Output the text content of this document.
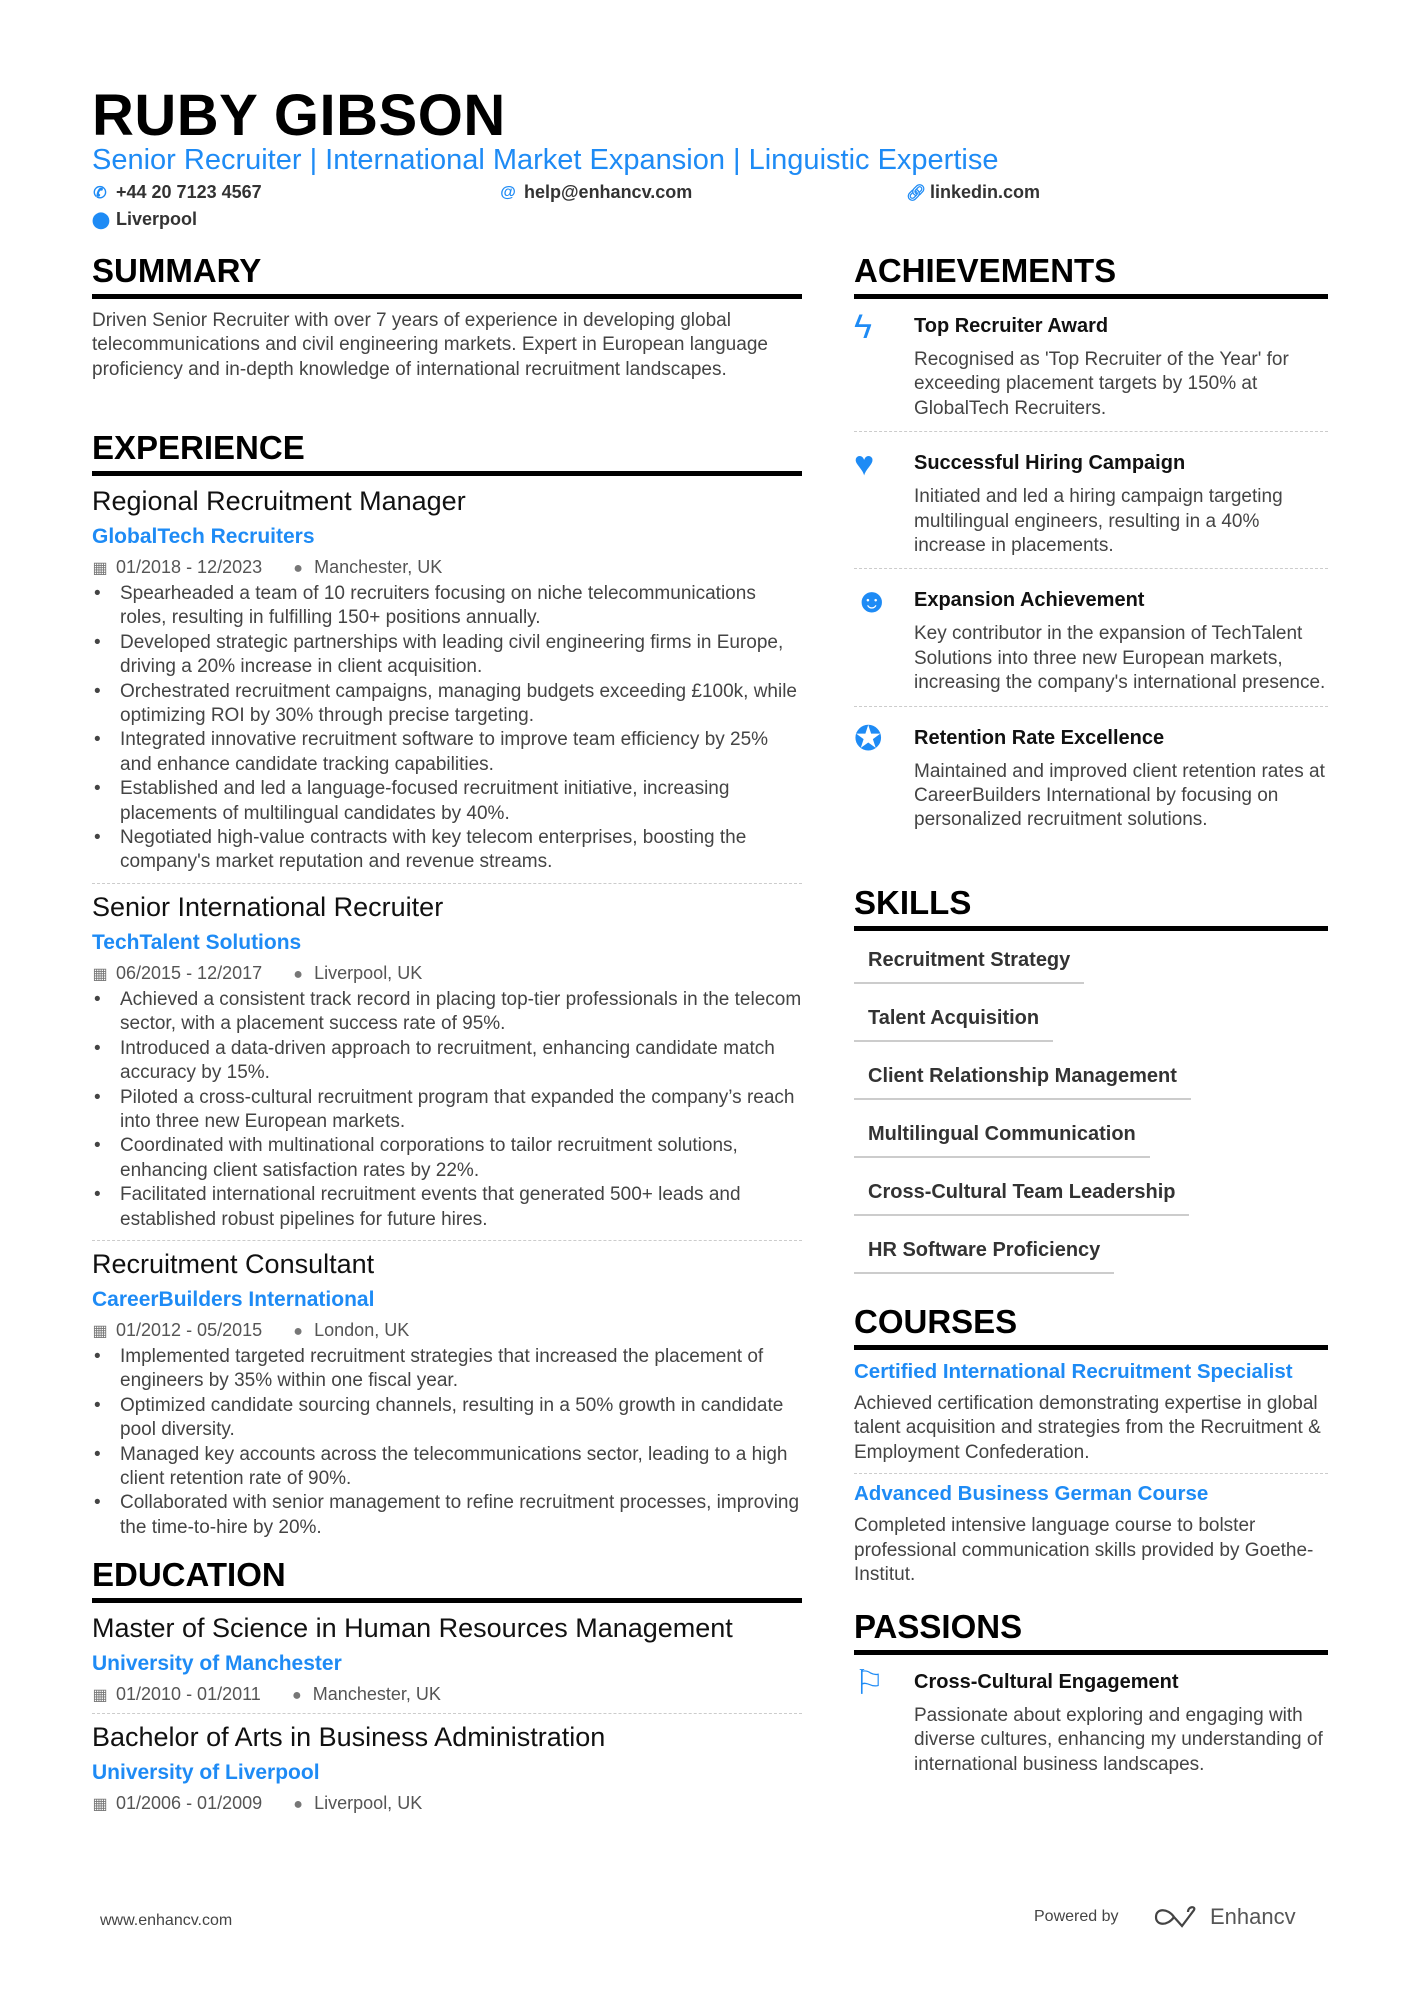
RUBY GIBSON
Senior Recruiter | International Market Expansion | Linguistic Expertise
✆ +44 20 7123 4567	@ help@enhancv.com	🔗︎ linkedin.com
⬤ Liverpool
SUMMARY
Driven Senior Recruiter with over 7 years of experience in developing global telecommunications and civil engineering markets. Expert in European language proficiency and in-depth knowledge of international recruitment landscapes.
EXPERIENCE
Regional Recruitment Manager
GlobalTech Recruiters
▦ 01/2018 - 12/2023 ● Manchester, UK
• Spearheaded a team of 10 recruiters focusing on niche telecommunications roles, resulting in fulfilling 150+ positions annually.
• Developed strategic partnerships with leading civil engineering firms in Europe, driving a 20% increase in client acquisition.
• Orchestrated recruitment campaigns, managing budgets exceeding £100k, while optimizing ROI by 30% through precise targeting.
• Integrated innovative recruitment software to improve team efficiency by 25% and enhance candidate tracking capabilities.
• Established and led a language-focused recruitment initiative, increasing placements of multilingual candidates by 40%.
• Negotiated high-value contracts with key telecom enterprises, boosting the company's market reputation and revenue streams.
Senior International Recruiter
TechTalent Solutions
▦ 06/2015 - 12/2017 ● Liverpool, UK
• Achieved a consistent track record in placing top-tier professionals in the telecom sector, with a placement success rate of 95%.
• Introduced a data-driven approach to recruitment, enhancing candidate match accuracy by 15%.
• Piloted a cross-cultural recruitment program that expanded the company’s reach into three new European markets.
• Coordinated with multinational corporations to tailor recruitment solutions, enhancing client satisfaction rates by 22%.
• Facilitated international recruitment events that generated 500+ leads and established robust pipelines for future hires.
Recruitment Consultant
CareerBuilders International
▦ 01/2012 - 05/2015 ● London, UK
• Implemented targeted recruitment strategies that increased the placement of engineers by 35% within one fiscal year.
• Optimized candidate sourcing channels, resulting in a 50% growth in candidate pool diversity.
• Managed key accounts across the telecommunications sector, leading to a high client retention rate of 90%.
• Collaborated with senior management to refine recruitment processes, improving the time-to-hire by 20%.
EDUCATION
Master of Science in Human Resources Management
University of Manchester
▦ 01/2010 - 01/2011 ● Manchester, UK
Bachelor of Arts in Business Administration
University of Liverpool
▦ 01/2006 - 01/2009 ● Liverpool, UK
ACHIEVEMENTS
ϟ	Top Recruiter Award
Recognised as 'Top Recruiter of the Year' for exceeding placement targets by 150% at GlobalTech Recruiters.
♥	Successful Hiring Campaign
Initiated and led a hiring campaign targeting multilingual engineers, resulting in a 40% increase in placements.
☻	Expansion Achievement
Key contributor in the expansion of TechTalent Solutions into three new European markets, increasing the company's international presence.
✪	Retention Rate Excellence
Maintained and improved client retention rates at CareerBuilders International by focusing on personalized recruitment solutions.
SKILLS
Recruitment Strategy
Talent Acquisition
Client Relationship Management
Multilingual Communication
Cross-Cultural Team Leadership
HR Software Proficiency
COURSES
Certified International Recruitment Specialist
Achieved certification demonstrating expertise in global talent acquisition and strategies from the Recruitment & Employment Confederation.
Advanced Business German Course
Completed intensive language course to bolster professional communication skills provided by Goethe-Institut.
PASSIONS
⚐	Cross-Cultural Engagement
Passionate about exploring and engaging with diverse cultures, enhancing my understanding of international business landscapes.
www.enhancv.com	Powered by	Enhancv
